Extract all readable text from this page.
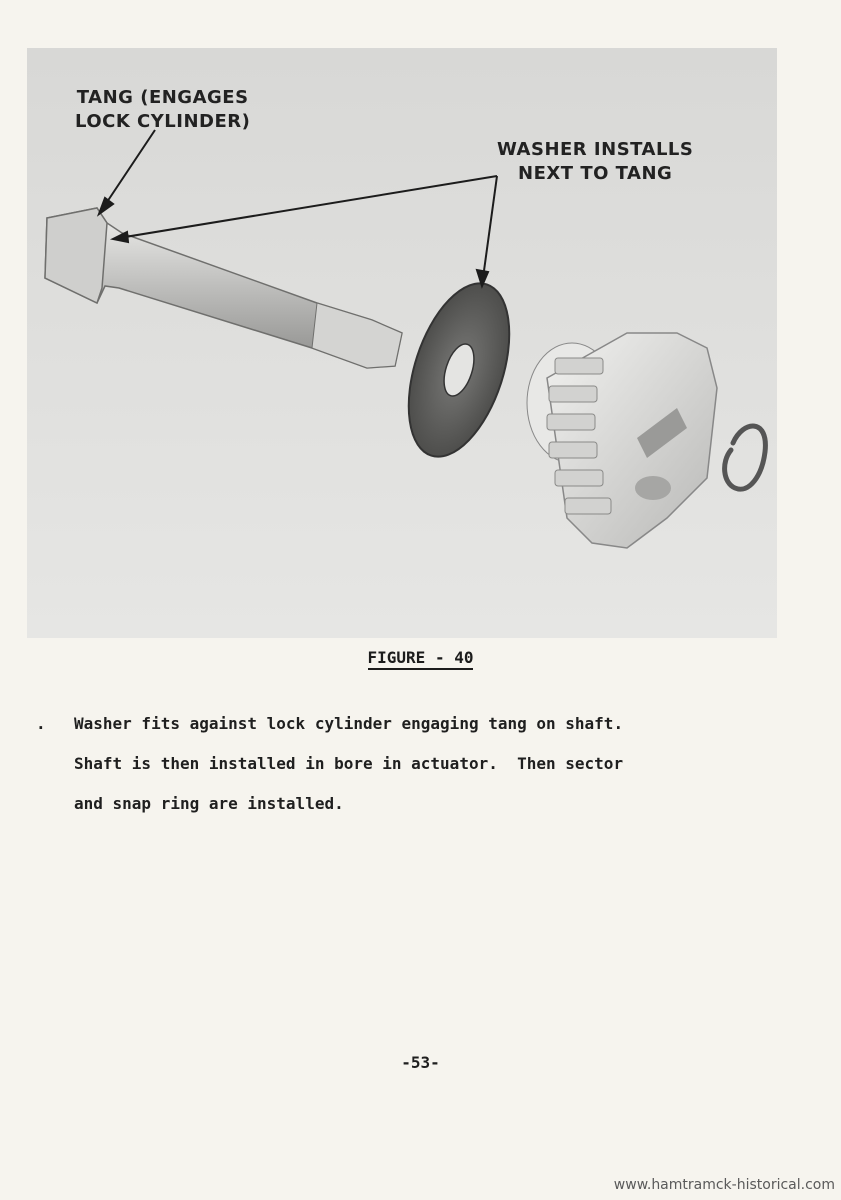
TANG (ENGAGES
LOCK CYLINDER)
WASHER INSTALLS
NEXT TO TANG
FIGURE - 40
. Washer fits against lock cylinder engaging tang on shaft.
Shaft is then installed in bore in actuator.  Then sector
and snap ring are installed.
-53-
www.hamtramck-historical.com
